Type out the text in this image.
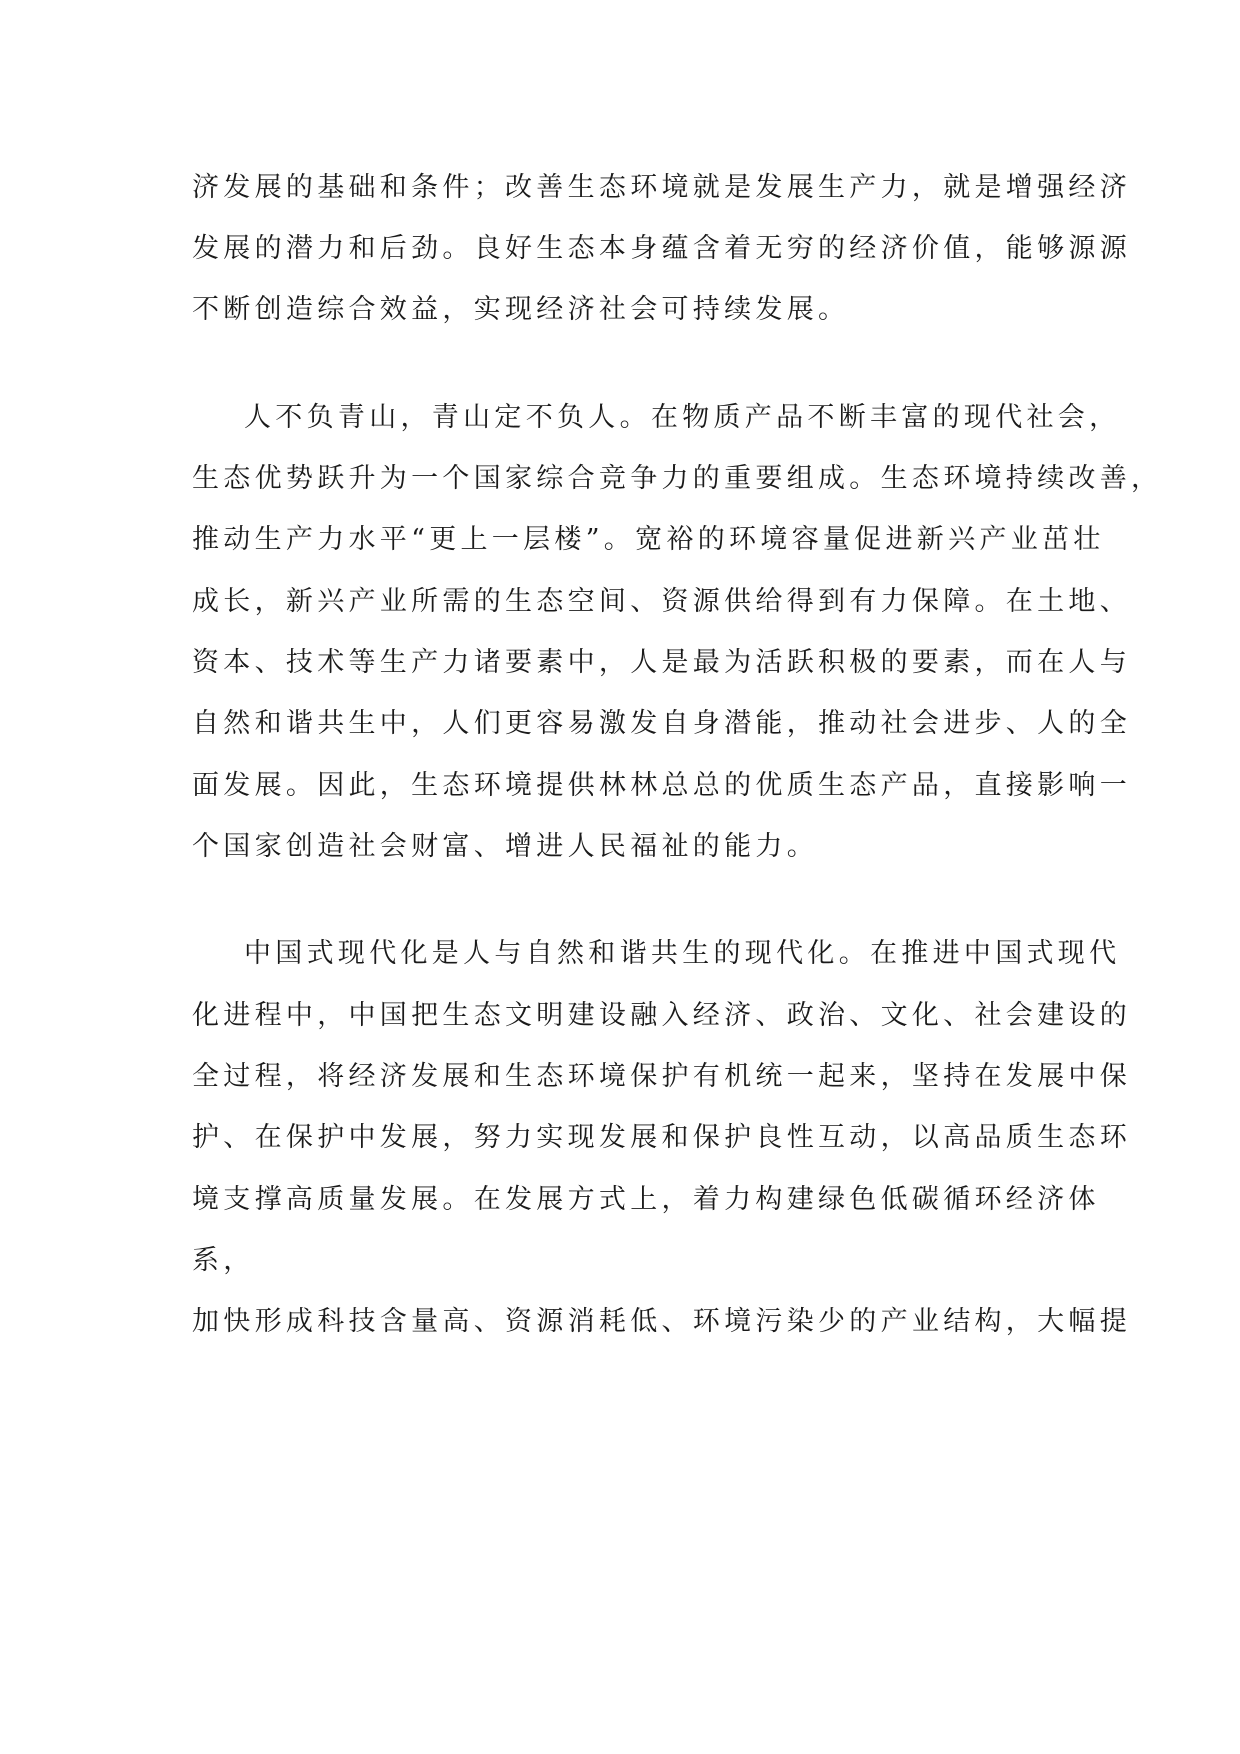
济发展的基础和条件；改善生态环境就是发展生产力，就是增强经济
发展的潜力和后劲。良好生态本身蕴含着无穷的经济价值，能够源源
不断创造综合效益，实现经济社会可持续发展。
人不负青山，青山定不负人。在物质产品不断丰富的现代社会，
生态优势跃升为一个国家综合竞争力的重要组成。生态环境持续改善，
推动生产力水平“更上一层楼”。宽裕的环境容量促进新兴产业茁壮
成长，新兴产业所需的生态空间、资源供给得到有力保障。在土地、
资本、技术等生产力诸要素中，人是最为活跃积极的要素，而在人与
自然和谐共生中，人们更容易激发自身潜能，推动社会进步、人的全
面发展。因此，生态环境提供林林总总的优质生态产品，直接影响一
个国家创造社会财富、增进人民福祉的能力。
中国式现代化是人与自然和谐共生的现代化。在推进中国式现代
化进程中，中国把生态文明建设融入经济、政治、文化、社会建设的
全过程，将经济发展和生态环境保护有机统一起来，坚持在发展中保
护、在保护中发展，努力实现发展和保护良性互动，以高品质生态环
境支撑高质量发展。在发展方式上，着力构建绿色低碳循环经济体
系，
加快形成科技含量高、资源消耗低、环境污染少的产业结构，大幅提
